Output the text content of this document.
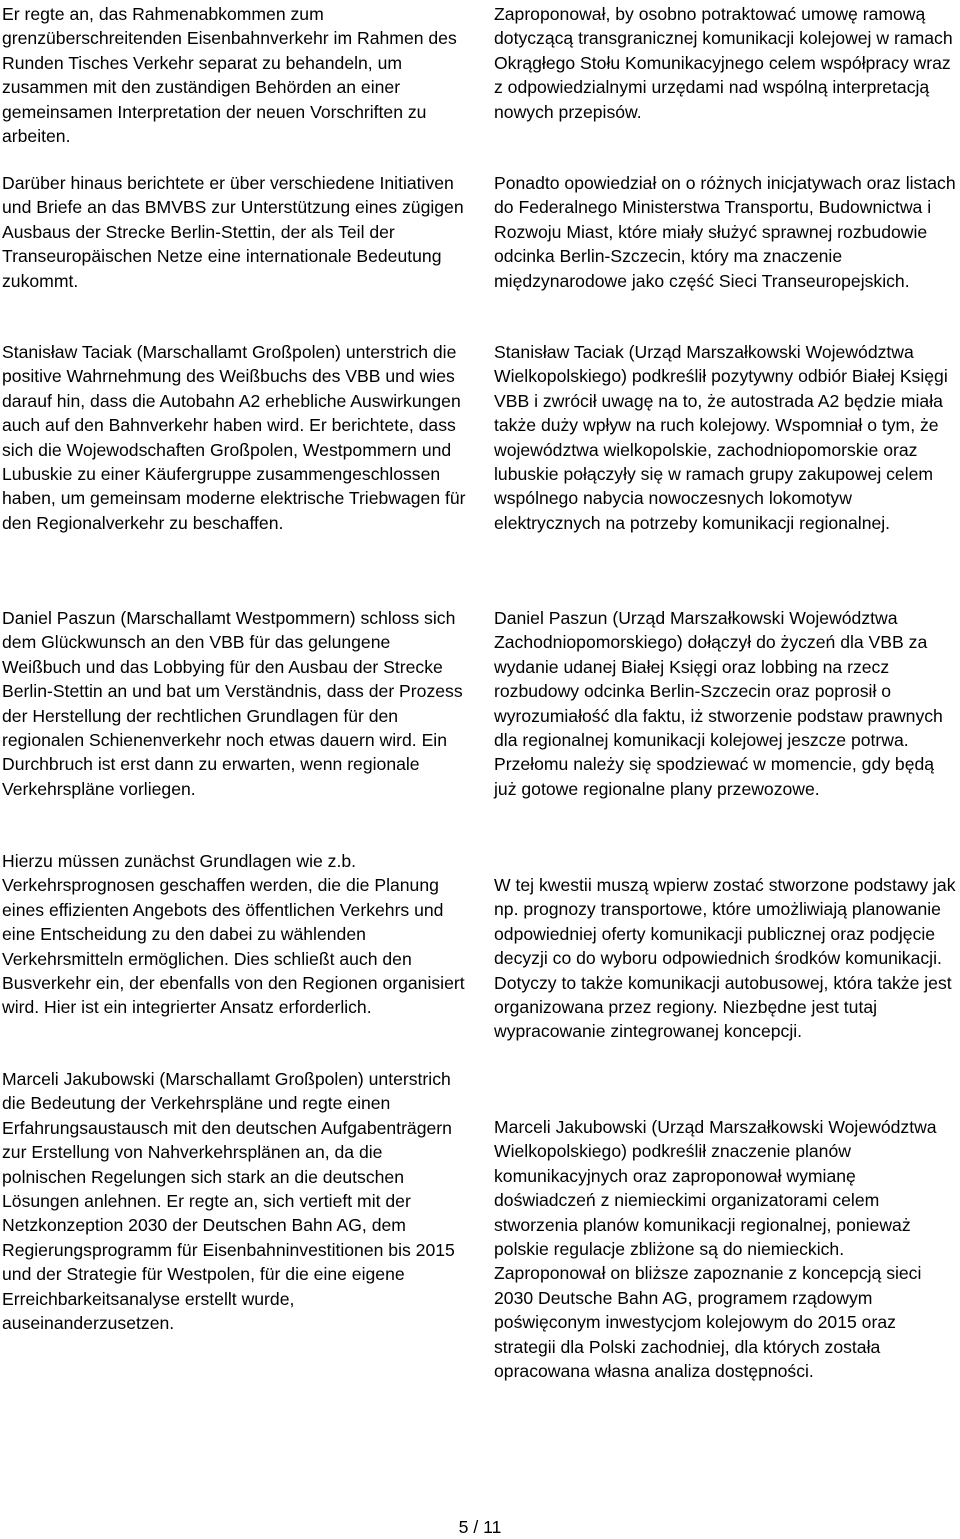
Er regte an, das Rahmenabkommen zum grenzüberschreitenden Eisenbahnverkehr im Rahmen des Runden Tisches Verkehr separat zu behandeln, um zusammen mit den zuständigen Behörden an einer gemeinsamen Interpretation der neuen Vorschriften zu arbeiten.

Darüber hinaus berichtete er über verschiedene Initiativen und Briefe an das BMVBS zur Unterstützung eines zügigen Ausbaus der Strecke Berlin-Stettin, der als Teil der Transeuropäischen Netze eine internationale Bedeutung zukommt.

Stanisław Taciak (Marschallamt Großpolen) unterstrich die positive Wahrnehmung des Weißbuchs des VBB und wies darauf hin, dass die Autobahn A2 erhebliche Auswirkungen auch auf den Bahnverkehr haben wird. Er berichtete, dass sich die Wojewodschaften Großpolen, Westpommern und Lubuskie zu einer Käufergruppe zusammengeschlossen haben, um gemeinsam moderne elektrische Triebwagen für den Regionalverkehr zu beschaffen.

Daniel Paszun (Marschallamt Westpommern) schloss sich dem Glückwunsch an den VBB für das gelungene Weißbuch und das Lobbying für den Ausbau der Strecke Berlin-Stettin an und bat um Verständnis, dass der Prozess der Herstellung der rechtlichen Grundlagen für den regionalen Schienenverkehr noch etwas dauern wird. Ein Durchbruch ist erst dann zu erwarten, wenn regionale Verkehrspläne vorliegen.

Hierzu müssen zunächst Grundlagen wie z.b. Verkehrsprognosen geschaffen werden, die die Planung eines effizienten Angebots des öffentlichen Verkehrs und eine Entscheidung zu den dabei zu wählenden Verkehrsmitteln ermöglichen. Dies schließt auch den Busverkehr ein, der ebenfalls von den Regionen organisiert wird. Hier ist ein integrierter Ansatz erforderlich.

Marceli Jakubowski (Marschallamt Großpolen) unterstrich die Bedeutung der Verkehrspläne und regte einen Erfahrungsaustausch mit den deutschen Aufgabenträgern zur Erstellung von Nahverkehrsplänen an, da die polnischen Regelungen sich stark an die deutschen Lösungen anlehnen. Er regte an, sich vertieft mit der Netzkonzeption 2030 der Deutschen Bahn AG, dem Regierungsprogramm für Eisenbahninvestitionen bis 2015 und der Strategie für Westpolen, für die eine eigene Erreichbarkeitsanalyse erstellt wurde, auseinanderzusetzen.

Zaproponował, by osobno potraktować umowę ramową dotyczącą transgranicznej komunikacji kolejowej w ramach Okrągłego Stołu Komunikacyjnego celem współpracy wraz z odpowiedzialnymi urzędami nad wspólną interpretacją nowych przepisów.

Ponadto opowiedział on o różnych inicjatywach oraz listach do Federalnego Ministerstwa Transportu, Budownictwa i Rozwoju Miast, które miały służyć sprawnej rozbudowie odcinka Berlin-Szczecin, który ma znaczenie międzynarodowe jako część Sieci Transeuropejskich.

Stanisław Taciak (Urząd Marszałkowski Województwa Wielkopolskiego) podkreślił pozytywny odbiór Białej Księgi VBB i zwrócił uwagę na to, że autostrada A2 będzie miała także duży wpływ na ruch kolejowy. Wspomniał o tym, że województwa wielkopolskie, zachodniopomorskie oraz lubuskie połączyły się w ramach grupy zakupowej celem wspólnego nabycia nowoczesnych lokomotyw elektrycznych na potrzeby komunikacji regionalnej.

Daniel Paszun (Urząd Marszałkowski Województwa Zachodniopomorskiego) dołączył do życzeń dla VBB za wydanie udanej Białej Księgi oraz lobbing na rzecz rozbudowy odcinka Berlin-Szczecin oraz poprosił o wyrozumiałość dla faktu, iż stworzenie podstaw prawnych dla regionalnej komunikacji kolejowej jeszcze potrwa. Przełomu należy się spodziewać w momencie, gdy będą już gotowe regionalne plany przewozowe.

W tej kwestii muszą wpierw zostać stworzone podstawy jak np. prognozy transportowe, które umożliwiają planowanie odpowiedniej oferty komunikacji publicznej oraz podjęcie decyzji co do wyboru odpowiednich środków komunikacji. Dotyczy to także komunikacji autobusowej, która także jest organizowana przez regiony. Niezbędne jest tutaj wypracowanie zintegrowanej koncepcji.

Marceli Jakubowski (Urząd Marszałkowski Województwa Wielkopolskiego) podkreślił znaczenie planów komunikacyjnych oraz zaproponował wymianę doświadczeń z niemieckimi organizatorami celem stworzenia planów komunikacji regionalnej, ponieważ polskie regulacje zbliżone są do niemieckich. Zaproponował on bliższe zapoznanie z koncepcją sieci 2030 Deutsche Bahn AG, programem rządowym poświęconym inwestycjom kolejowym do 2015 oraz strategii dla Polski zachodniej, dla których została opracowana własna analiza dostępności.

5 / 11
